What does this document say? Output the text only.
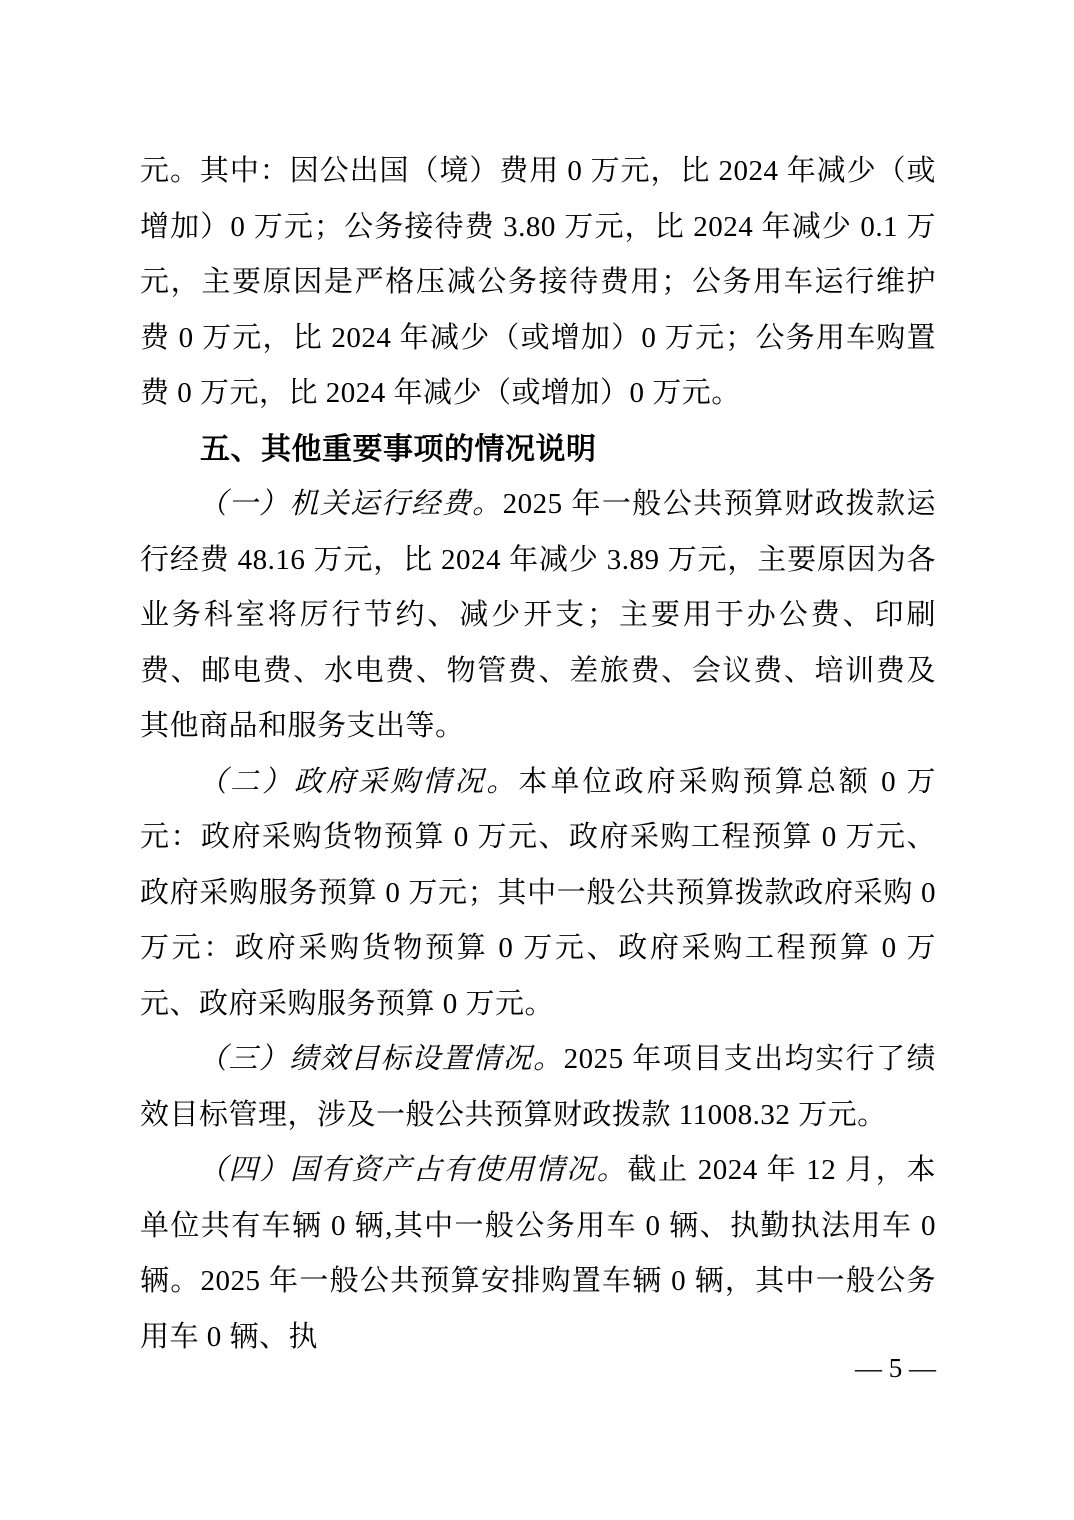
元。其中：因公出国（境）费用 0 万元，比 2024 年减少（或增加）0 万元；公务接待费 3.80 万元，比 2024 年减少 0.1 万元，主要原因是严格压减公务接待费用；公务用车运行维护费 0 万元，比 2024 年减少（或增加）0 万元；公务用车购置费 0 万元，比 2024 年减少（或增加）0 万元。

五、其他重要事项的情况说明

（一）机关运行经费。2025 年一般公共预算财政拨款运行经费 48.16 万元，比 2024 年减少 3.89 万元，主要原因为各业务科室将厉行节约、减少开支；主要用于办公费、印刷费、邮电费、水电费、物管费、差旅费、会议费、培训费及其他商品和服务支出等。

（二）政府采购情况。本单位政府采购预算总额 0 万元：政府采购货物预算 0 万元、政府采购工程预算 0 万元、政府采购服务预算 0 万元；其中一般公共预算拨款政府采购 0 万元：政府采购货物预算 0 万元、政府采购工程预算 0 万元、政府采购服务预算 0 万元。

（三）绩效目标设置情况。2025 年项目支出均实行了绩效目标管理，涉及一般公共预算财政拨款 11008.32 万元。

（四）国有资产占有使用情况。截止 2024 年 12 月，本单位共有车辆 0 辆,其中一般公务用车 0 辆、执勤执法用车 0 辆。2025 年一般公共预算安排购置车辆 0 辆，其中一般公务用车 0 辆、执

— 5 —
